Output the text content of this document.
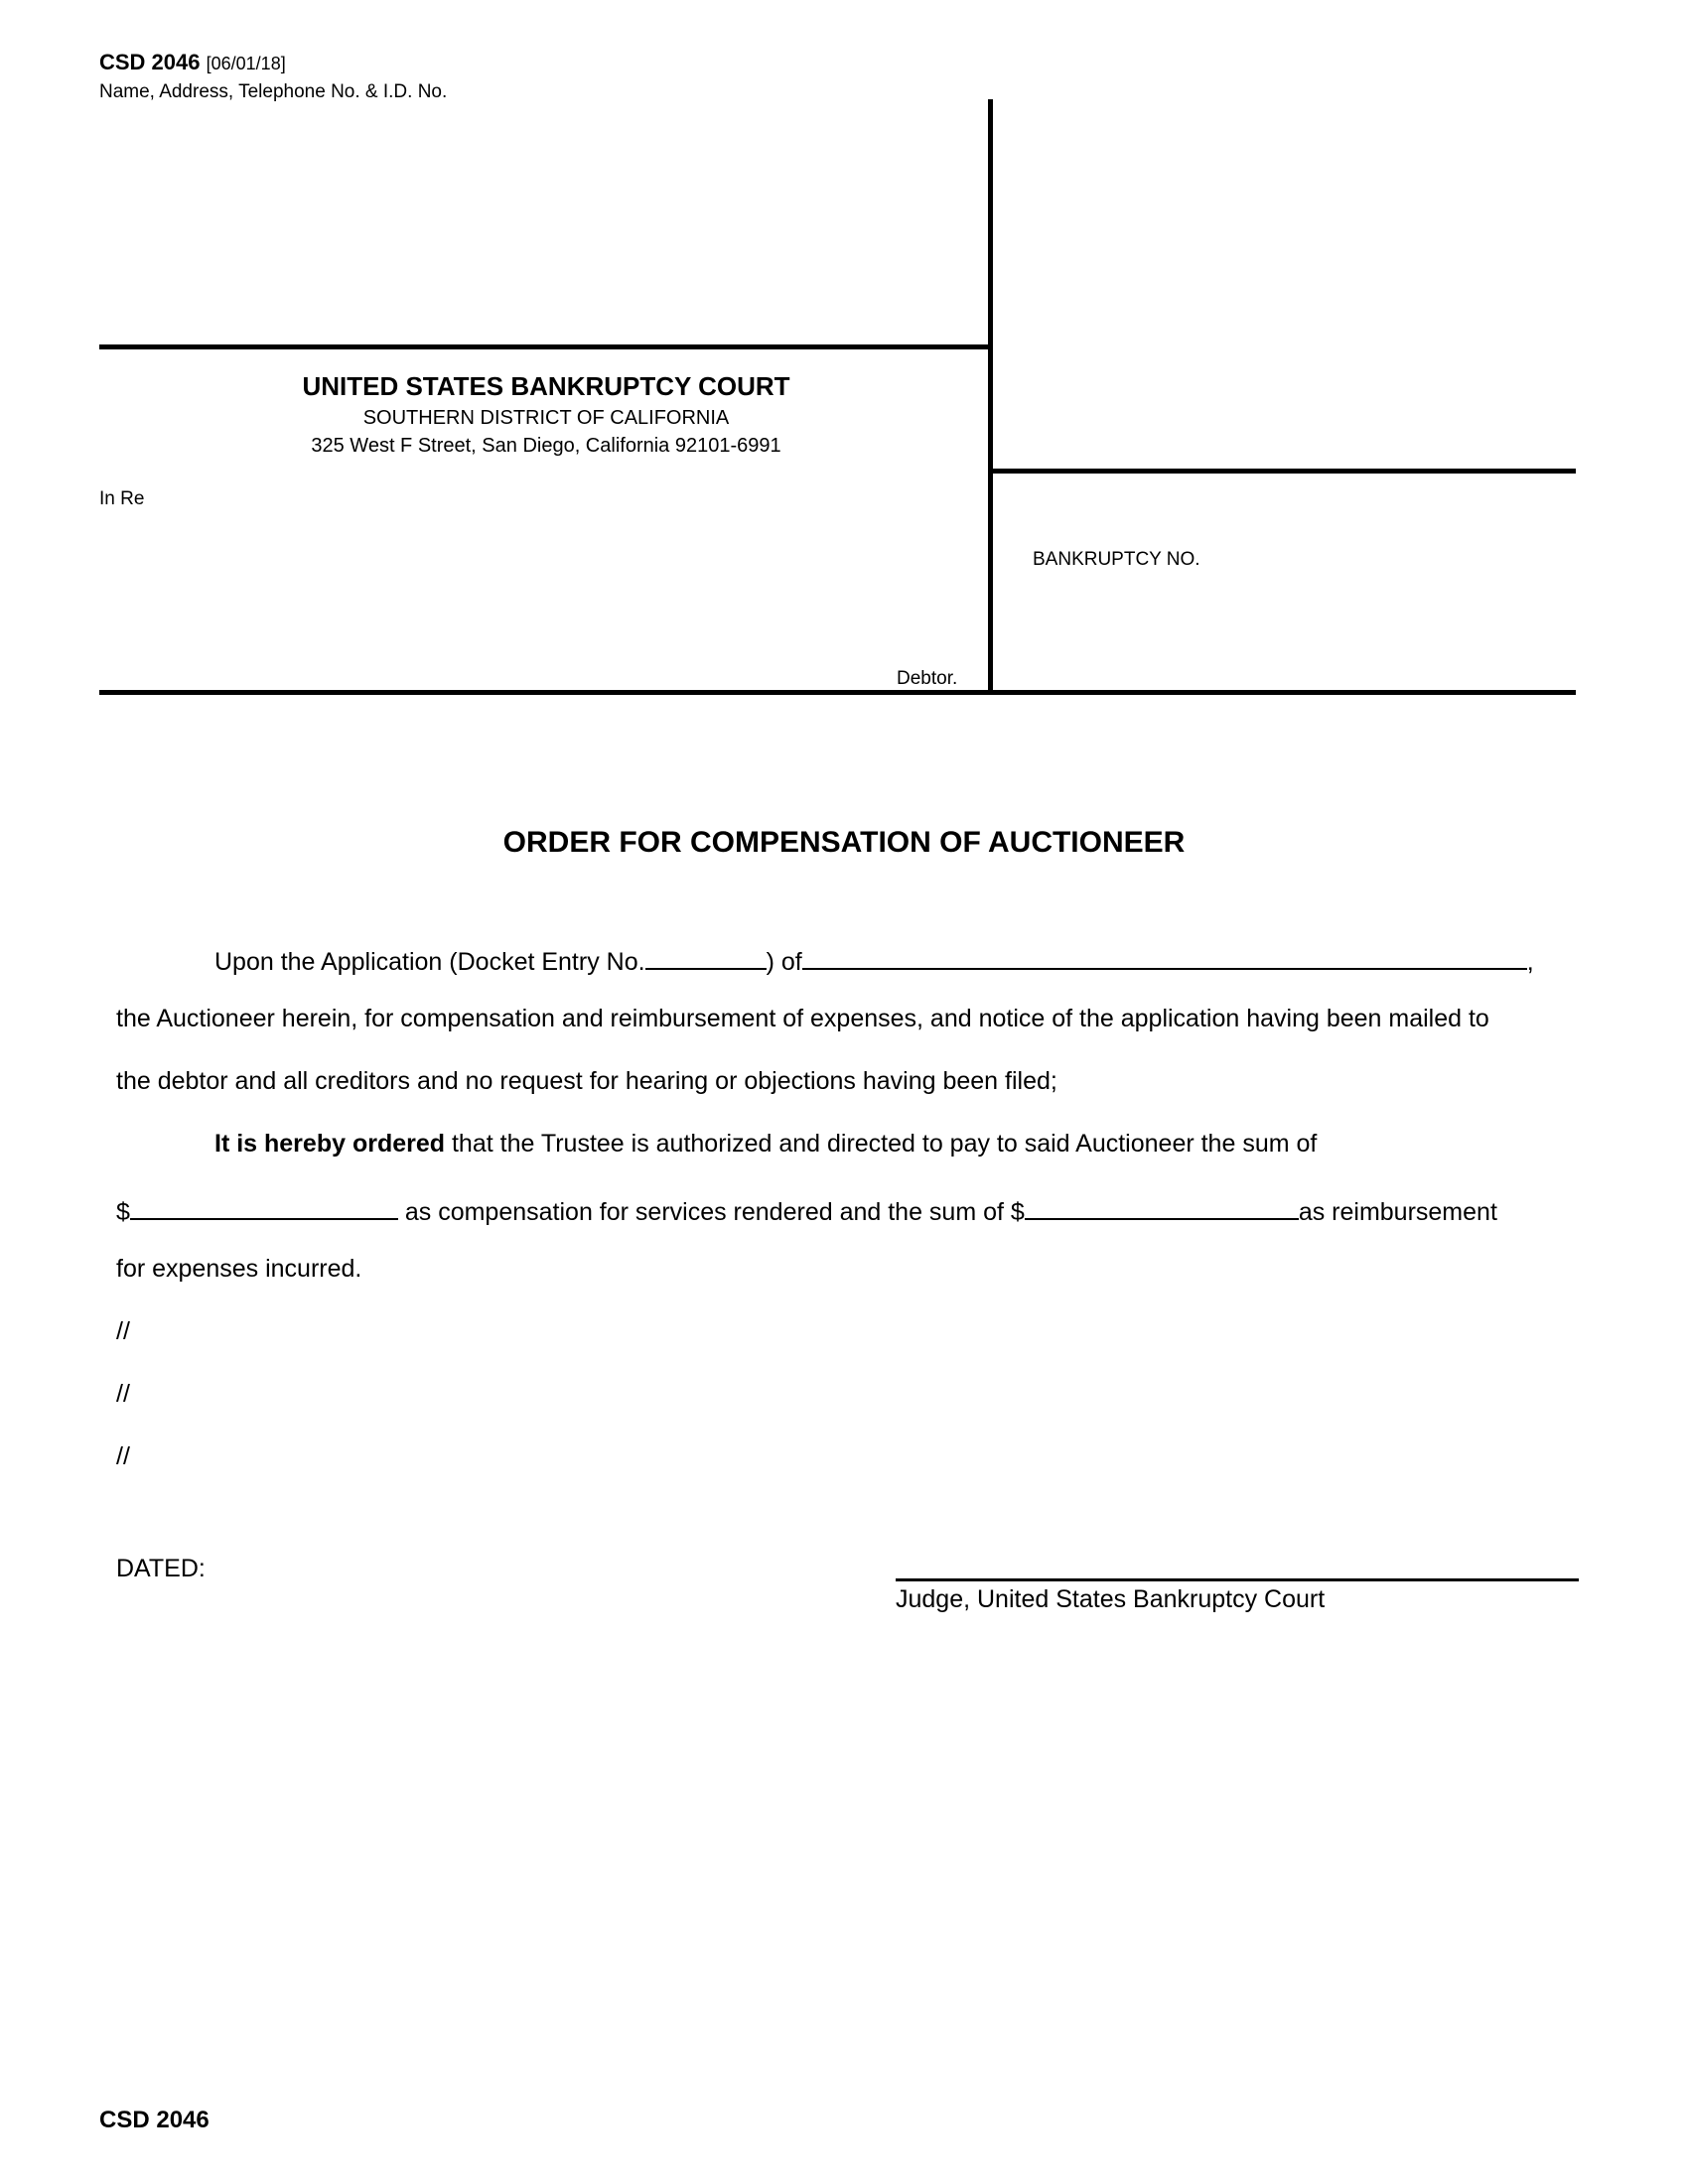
CSD 2046 [06/01/18]
Name, Address, Telephone No. & I.D. No.
UNITED STATES BANKRUPTCY COURT
SOUTHERN DISTRICT OF CALIFORNIA
325 West F Street, San Diego, California 92101-6991
In Re
BANKRUPTCY NO.
Debtor.
ORDER FOR COMPENSATION OF AUCTIONEER
Upon the Application (Docket Entry No.	) of	,
the Auctioneer herein, for compensation and reimbursement of expenses, and notice of the application having been mailed to
the debtor and all creditors and no request for hearing or objections having been filed;
It is hereby ordered that the Trustee is authorized and directed to pay to said Auctioneer the sum of
$	as compensation for services rendered and the sum of $	as reimbursement
for expenses incurred.
//
//
//
DATED:
Judge, United States Bankruptcy Court
CSD 2046
